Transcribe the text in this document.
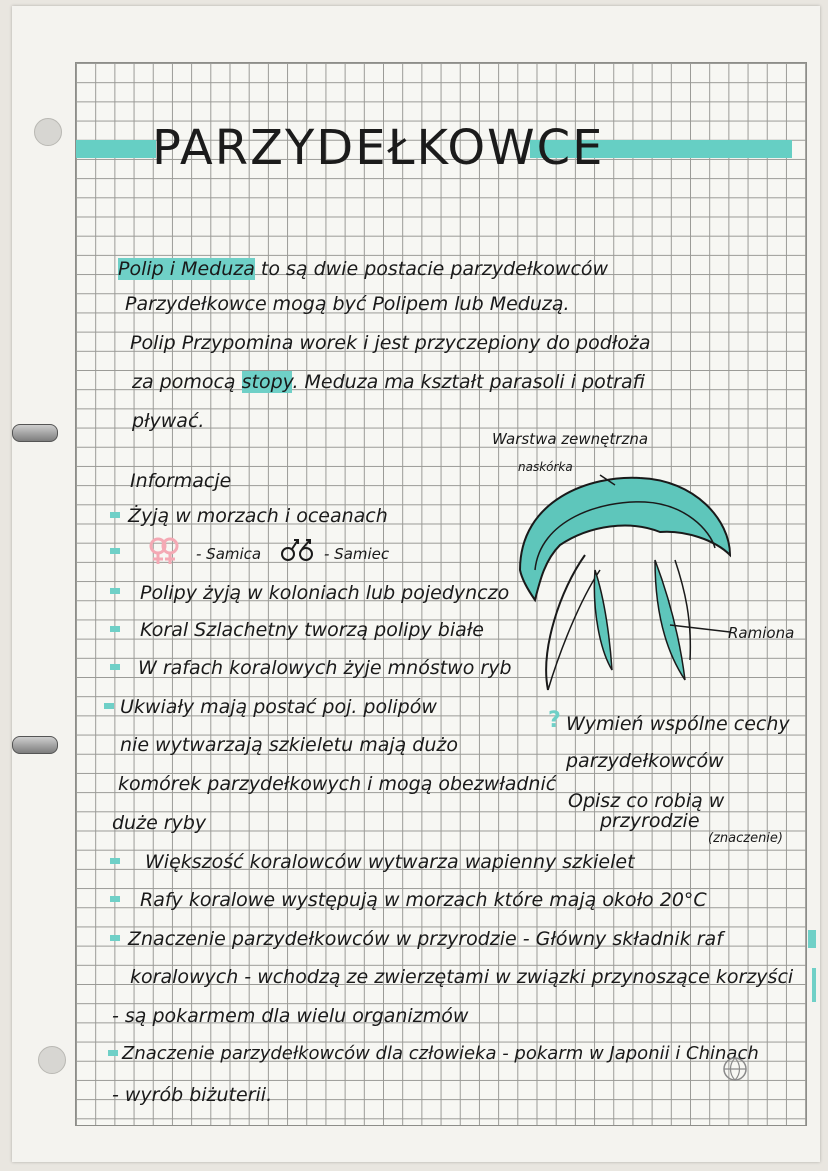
PARZYDEŁKOWCE
Polip i Meduza to są dwie postacie parzydełkowców
Parzydełkowce mogą być Polipem lub Meduzą.
Polip Przypomina worek i jest przyczepiony do podłoża
za pomocą stopy. Meduza ma kształt parasoli i potrafi
pływać.
Warstwa zewnętrzna
naskórka
Ramiona
Informacje
Żyją w morzach i oceanach
- Samica	- Samiec
Polipy żyją w koloniach lub pojedynczo
Koral Szlachetny tworzą polipy białe
W rafach koralowych żyje mnóstwo ryb
Ukwiały mają postać poj. polipów
nie wytwarzają szkieletu mają dużo
komórek parzydełkowych i mogą obezwładnić
duże ryby
? Wymień wspólne cechy
parzydełkowców
Opisz co robią w
przyrodzie
(znaczenie)
Większość koralowców wytwarza wapienny szkielet
Rafy koralowe występują w morzach które mają około 20°C
Znaczenie parzydełkowców w przyrodzie - Główny składnik raf
koralowych - wchodzą ze zwierzętami w związki przynoszące korzyści
- są pokarmem dla wielu organizmów
Znaczenie parzydełkowców dla człowieka - pokarm w Japonii i Chinach
- wyrób biżuterii.
